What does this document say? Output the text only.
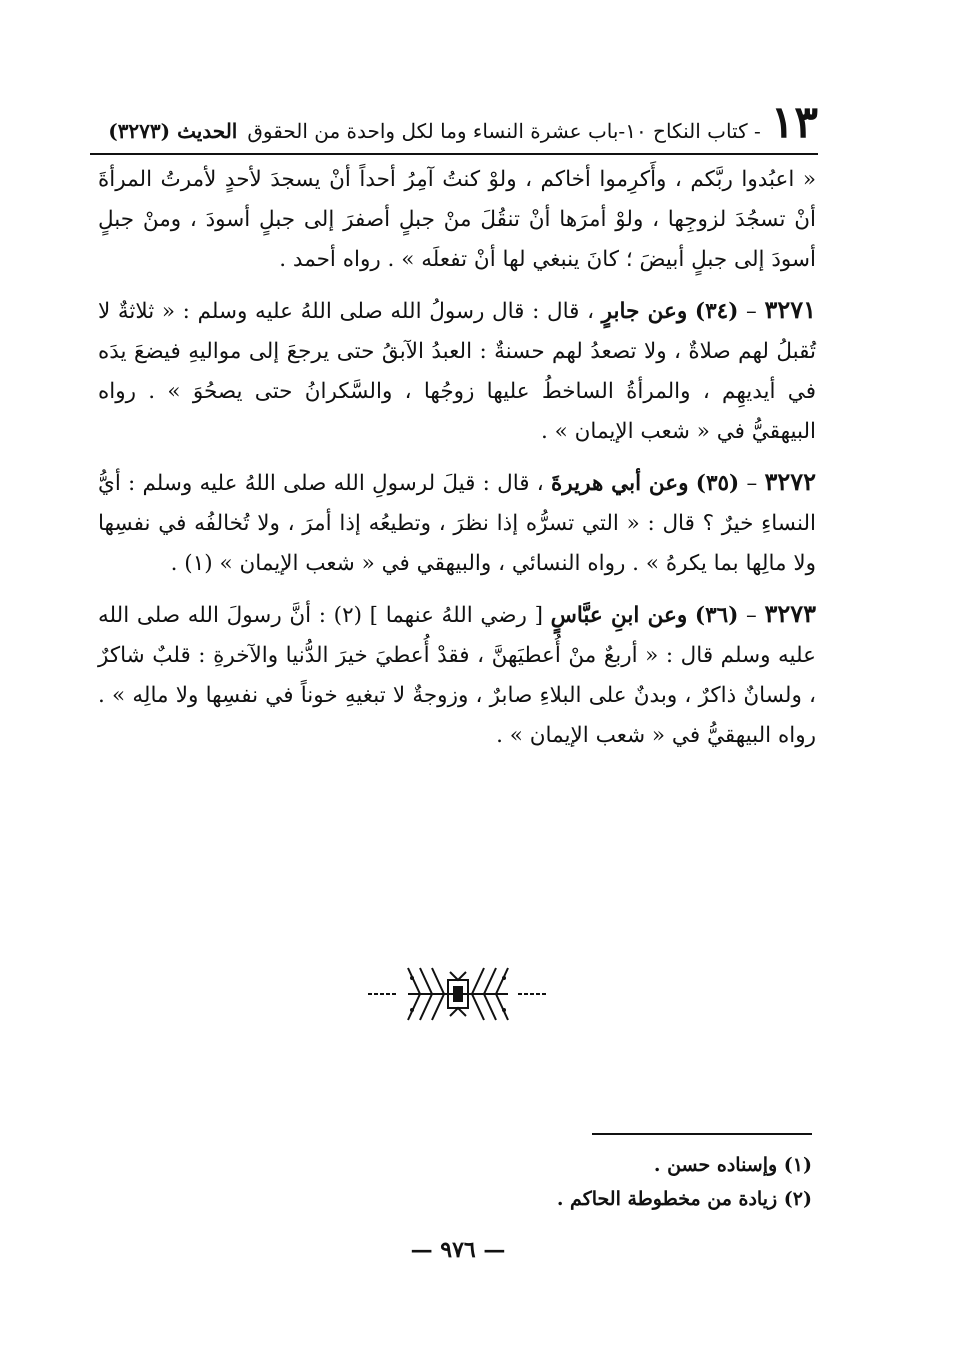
١٣
- كتاب النكاح ١٠-باب عشرة النساء وما لكل واحدة من الحقوق
الحديث (٣٢٧٣)

« اعبُدوا ربَّكم ، وأَكرِموا أخاكم ، ولوْ كنتُ آمِرُ أحداً أنْ يسجدَ لأحدٍ لأمرتُ المرأةَ أنْ تسجُدَ لزوجِها ، ولوْ أمرَها أنْ تنقُلَ منْ جبلٍ أصفرَ إلى جبلٍ أسودَ ، ومنْ جبلٍ أسودَ إلى جبلٍ أبيضَ ؛ كانَ ينبغي لها أنْ تفعلَه » . رواه أحمد .

٣٢٧١ – (٣٤) وعن جابرٍ ، قال : قال رسولُ الله صلى اللهُ عليه وسلم : « ثلاثةٌ لا تُقبلُ لهم صلاةٌ ، ولا تصعدُ لهم حسنةٌ : العبدُ الآبقُ حتى يرجعَ إلى مواليهِ فيضعَ يدَه في أيديهِم ، والمرأةُ الساخطُ عليها زوجُها ، والسَّكرانُ حتى يصحُوَ » . رواه البيهقيُّ في « شعب الإيمان » .

٣٢٧٢ – (٣٥) وعن أبي هريرةَ ، قال : قيلَ لرسولِ الله صلى اللهُ عليه وسلم : أيُّ النساءِ خيرٌ ؟ قال : « التي تسرُّه إذا نظرَ ، وتطيعُه إذا أمرَ ، ولا تُخالفُه في نفسِها ولا مالِها بما يكرهُ » . رواه النسائي ، والبيهقي في « شعب الإيمان » (١) .

٣٢٧٣ – (٣٦) وعن ابنِ عبَّاسٍ [ رضي اللهُ عنهما ] (٢) : أنَّ رسولَ الله صلى الله عليه وسلم قال : « أربعٌ منْ أُعطيَهنَّ ، فقدْ أُعطيَ خيرَ الدُّنيا والآخرةِ : قلبٌ شاكرٌ ، ولسانٌ ذاكرٌ ، وبدنٌ على البلاءِ صابرٌ ، وزوجةٌ لا تبغيهِ خوناً في نفسِها ولا مالِه » . رواه البيهقيُّ في « شعب الإيمان » .

(١) وإسناده حسن .
(٢) زيادة من مخطوطة الحاكم .
— ٩٧٦ —
